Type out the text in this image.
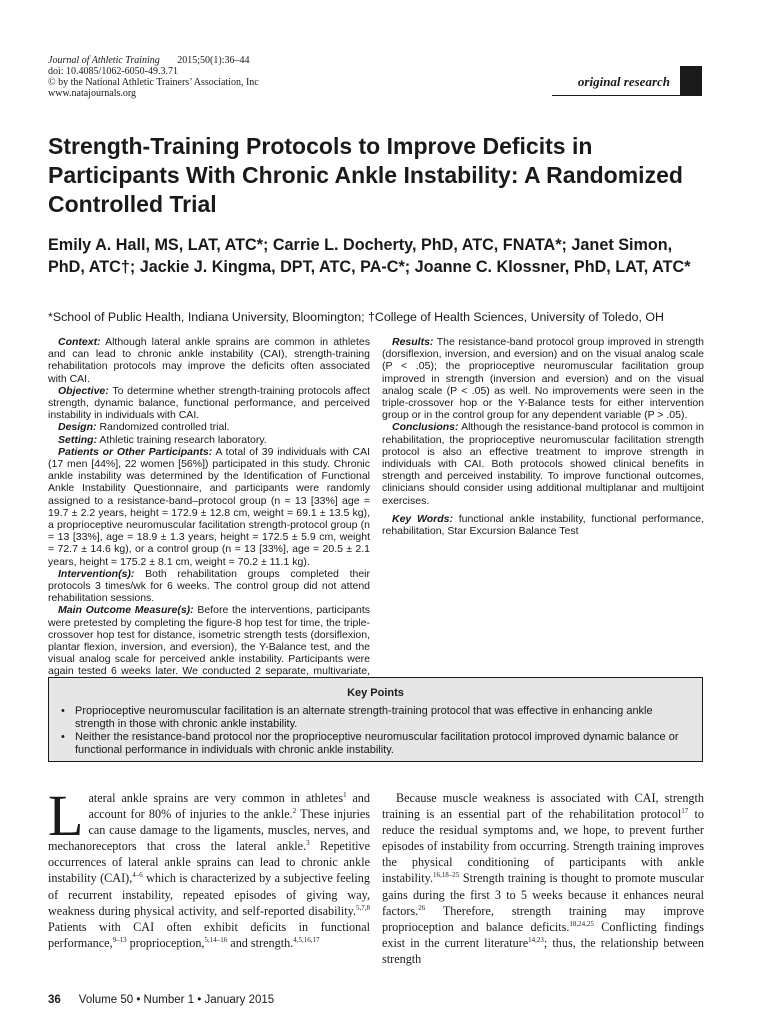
Journal of Athletic Training 2015;50(1):36–44
doi: 10.4085/1062-6050-49.3.71
© by the National Athletic Trainers’ Association, Inc
www.natajournals.org
original research
Strength-Training Protocols to Improve Deficits in Participants With Chronic Ankle Instability: A Randomized Controlled Trial
Emily A. Hall, MS, LAT, ATC*; Carrie L. Docherty, PhD, ATC, FNATA*; Janet Simon, PhD, ATC†; Jackie J. Kingma, DPT, ATC, PA-C*; Joanne C. Klossner, PhD, LAT, ATC*
*School of Public Health, Indiana University, Bloomington; †College of Health Sciences, University of Toledo, OH

Context: Although lateral ankle sprains are common in athletes and can lead to chronic ankle instability (CAI), strength-training rehabilitation protocols may improve the deficits often associated with CAI.

Objective: To determine whether strength-training protocols affect strength, dynamic balance, functional performance, and perceived instability in individuals with CAI.

Design: Randomized controlled trial.

Setting: Athletic training research laboratory.

Patients or Other Participants: A total of 39 individuals with CAI (17 men [44%], 22 women [56%]) participated in this study. Chronic ankle instability was determined by the Identification of Functional Ankle Instability Questionnaire, and participants were randomly assigned to a resistance-band–protocol group (n = 13 [33%] age = 19.7 ± 2.2 years, height = 172.9 ± 12.8 cm, weight = 69.1 ± 13.5 kg), a proprioceptive neuromuscular facilitation strength-protocol group (n = 13 [33%], age = 18.9 ± 1.3 years, height = 172.5 ± 5.9 cm, weight = 72.7 ± 14.6 kg), or a control group (n = 13 [33%], age = 20.5 ± 2.1 years, height = 175.2 ± 8.1 cm, weight = 70.2 ± 11.1 kg).

Intervention(s): Both rehabilitation groups completed their protocols 3 times/wk for 6 weeks. The control group did not attend rehabilitation sessions.

Main Outcome Measure(s): Before the interventions, participants were pretested by completing the figure-8 hop test for time, the triple-crossover hop test for distance, isometric strength tests (dorsiflexion, plantar flexion, inversion, and eversion), the Y-Balance test, and the visual analog scale for perceived ankle instability. Participants were again tested 6 weeks later. We conducted 2 separate, multivariate,

Results: The resistance-band protocol group improved in strength (dorsiflexion, inversion, and eversion) and on the visual analog scale (P < .05); the proprioceptive neuromuscular facilitation group improved in strength (inversion and eversion) and on the visual analog scale (P < .05) as well. No improvements were seen in the triple-crossover hop or the Y-Balance tests for either intervention group or in the control group for any dependent variable (P > .05).

Conclusions: Although the resistance-band protocol is common in rehabilitation, the proprioceptive neuromuscular facilitation strength protocol is also an effective treatment to improve strength in individuals with CAI. Both protocols showed clinical benefits in strength and perceived instability. To improve functional outcomes, clinicians should consider using additional multiplanar and multijoint exercises.

Key Words: functional ankle instability, functional performance, rehabilitation, Star Excursion Balance Test

Key Points
• Proprioceptive neuromuscular facilitation is an alternate strength-training protocol that was effective in enhancing ankle strength in those with chronic ankle instability.
• Neither the resistance-band protocol nor the proprioceptive neuromuscular facilitation protocol improved dynamic balance or functional performance in individuals with chronic ankle instability.

Lateral ankle sprains are very common in athletes$^1$ and account for 80% of injuries to the ankle.$^2$ These injuries can cause damage to the ligaments, muscles, nerves, and mechanoreceptors that cross the lateral ankle.$^3$ Repetitive occurrences of lateral ankle sprains can lead to chronic ankle instability (CAI),$^{4-6}$ which is characterized by a subjective feeling of recurrent instability, repeated episodes of giving way, weakness during physical activity, and self-reported disability.$^{5,7,8}$ Patients with CAI often exhibit deficits in functional performance,$^{9-13}$ proprioception,$^{5,14-16}$ and strength.$^{4,5,16,17}$

Because muscle weakness is associated with CAI, strength training is an essential part of the rehabilitation protocol$^{17}$ to reduce the residual symptoms and, we hope, to prevent further episodes of instability from occurring. Strength training improves the physical conditioning of participants with ankle instability.$^{16,18-25}$ Strength training is thought to promote muscular gains during the first 3 to 5 weeks because it enhances neural factors.$^{26}$ Therefore, strength training may improve proprioception and balance deficits.$^{18,24,25}$ Conflicting findings exist in the current literature$^{14,23}$; thus, the relationship between strength

36 Volume 50 • Number 1 • January 2015
